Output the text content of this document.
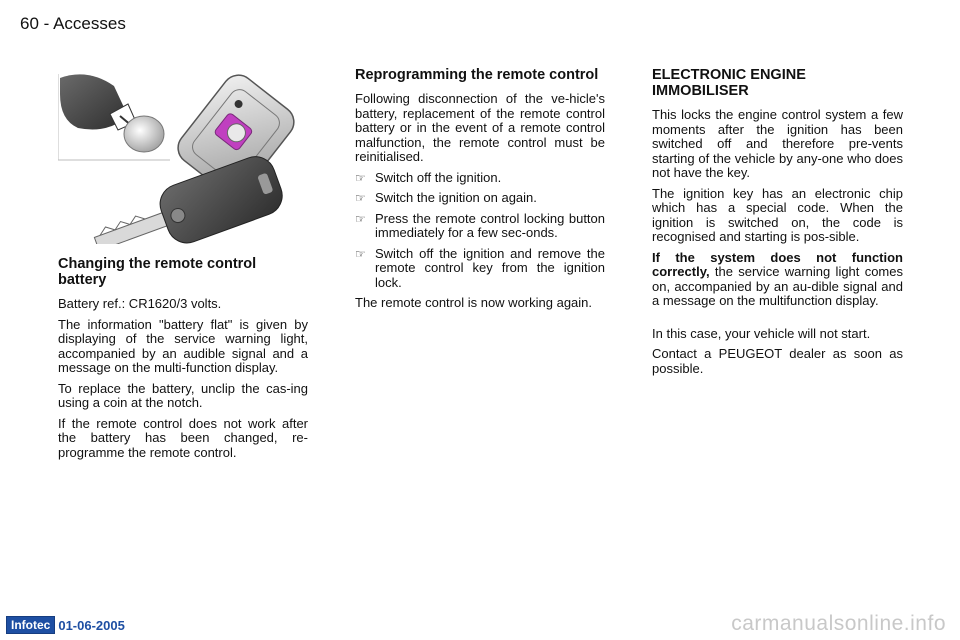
60 - Accesses
Changing the remote control battery

Battery ref.: CR1620/3 volts.

The information "battery flat" is given by displaying of the service warning light, accompanied by an audible signal and a message on the multi-function display.

To replace the battery, unclip the cas-ing using a coin at the notch.

If the remote control does not work after the battery has been changed, re-programme the remote control.

Reprogramming the remote control

Following disconnection of the ve-hicle's battery, replacement of the remote control battery or in the event of a remote control malfunction, the remote control must be reinitialised.

☞ Switch off the ignition.
☞ Switch the ignition on again.
☞ Press the remote control locking button immediately for a few sec-onds.
☞ Switch off the ignition and remove the remote control key from the ignition lock.

The remote control is now working again.

ELECTRONIC ENGINE IMMOBILISER

This locks the engine control system a few moments after the ignition has been switched off and therefore pre-vents starting of the vehicle by any-one who does not have the key.

The ignition key has an electronic chip which has a special code. When the ignition is switched on, the code is recognised and starting is pos-sible.

If the system does not function correctly, the service warning light comes on, accompanied by an au-dible signal and a message on the multifunction display.

In this case, your vehicle will not start.

Contact a PEUGEOT dealer as soon as possible.

Infotec 01-06-2005	carmanualsonline.info
